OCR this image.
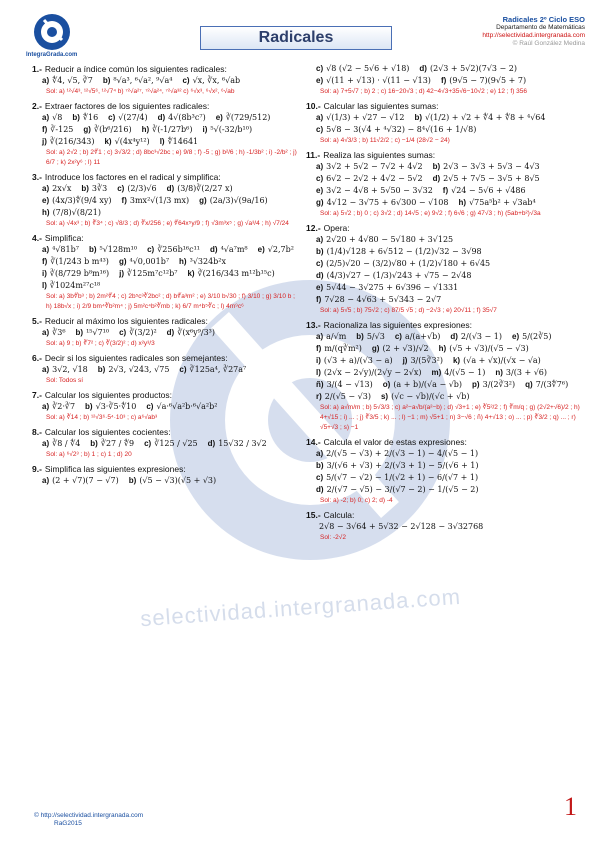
IntegraGrada.com
Radicales
Radicales 2º Ciclo ESO
Departamento de Matemáticas
http://selectividad.intergranada.com
© Raúl González Medina
selectividad.intergranada.com
1.- Reducir a índice común los siguientes radicales:
a) ∜4, √5, ∛7 b) ⁸√a³, ⁶√a², ⁹√a⁴ c) √x, ∛x, ⁶√ab
Sol: a) ¹²√4³, ¹²√5⁶, ¹²√7⁴ b) ⁷²√a²⁷, ⁷²√a²⁴, ⁷²√a³² c) ⁶√x³, ⁶√x², ⁶√ab
2.- Extraer factores de los siguientes radicales:
a) √8 b) ∜16 c) √(27/4) d) 4√(8b³c⁷) e) ∛(729/512)
f) ∛-125 g) ∛(b⁶/216) h) ∛(-1/27b⁶) i) ⁵√(-32/b¹⁰)
j) ∛(216/343) k) √(4x⁴y¹²) l) ∜14641
Sol: a) 2√2 ; b) 2∜1 ; c) 3√3/2 ; d) 8bc³√2bc ; e) 9/8 ; f) -5 ; g) b²/6 ; h) -1/3b² ; i) -2/b² ; j) 6/7 ; k) 2x²y⁶ ; l) 11
3.- Introduce los factores en el radical y simplifica:
a) 2x√x b) 3∛3 c) (2/3)√6 d) (3/8)∛(2/27 x)
e) (4x/3)∜(9/4 xy) f) 3mx²√(1/3 mx) g) (2a/3)√(9a/16)
h) (7/8)√(8/21)
Sol: a) √4x³ ; b) ∛3⁴ ; c) √8/3 ; d) ∛x/256 ; e) ∜64x⁵y/9 ; f) √3m³x⁵ ; g) √a³/4 ; h) √7/24
4.- Simplifica:
a) ⁴√81b⁷ b) ⁵√128m¹⁰ c) ∛256b¹⁶c¹¹ d) ⁴√a⁷m⁸ e) √2,7b²
f) ∛(1/243 b m⁴³) g) ⁴√0,001b⁷ h) ³√324b²x
i) ∛(8/729 b⁸m¹⁶) j) ∛125m⁷c¹²b⁷ k) ∛(216/343 m¹²b¹⁵c)
l) ∛1024m²⁷c¹⁸
Sol: a) 3b∜b³ ; b) 2m²∜4 ; c) 2b⁵c³∛2bc² ; d) b∜a³m² ; e) 3/10 b√30 ; f) 3/10 ; g) 3/10 b ; h) 18b√x ; i) 2/9 bm⁴∛b²m⁴ ; j) 5m²c⁴b²∛mb ; k) 6/7 m⁴b⁵∛c ; l) 4m⁹c⁶
5.- Reducir al máximo los siguientes radicales:
a) ∛3⁶ b) ¹⁵√7¹⁰ c) ∛(3/2)² d) ∛(x⁶y⁹/3³)
Sol: a) 9 ; b) ∛7² ; c) ∛(3/2)² ; d) x²y³/3
6.- Decir si los siguientes radicales son semejantes:
a) 3√2, √18 b) 2√3, √243, √75 c) ∛125a⁴, ∛27a⁷
Sol: Todos sí
7.- Calcular los siguientes productos:
a) ∛2·∛7 b) √3·∛5·∜10 c) √a·⁶√a²b·⁶√a²b²
Sol: a) ∛14 ; b) ¹²√3⁶·5⁴·10³ ; c) a⁶√ab³
8.- Calcular los siguientes cocientes:
a) ∛8 / ∜4 b) ∛27 / ∜9 c) ∛125 / √25 d) 15√32 / 3√2
Sol: a) ⁶√2³ ; b) 1 ; c) 1 ; d) 20
9.- Simplifica las siguientes expresiones:
a) (2 + √7)(7 − √7) b) (√5 − √3)(√5 + √3)
c) √8 (√2 − 5√6 + √18) d) (2√3 + 5√2)(7√3 − 2)
e) √(11 + √13) · √(11 − √13) f) (9√5 − 7)(9√5 + 7)
Sol: a) 7+5√7 ; b) 2 ; c) 16−20√3 ; d) 42−4√3+35√6−10√2 ; e) 12 ; f) 356
10.- Calcular las siguientes sumas:
a) √(1/3) + √27 − √12 b) √(1/2) + √2 + ∜4 + ∜8 + ⁴√64
c) 5√8 − 3(√4 + ⁴√32) − 8⁴√(16 + 1/√8)
Sol: a) 4√3/3 ; b) 11√2/2 ; c) −1/4 (28√2 − 24)
11.- Realiza las siguientes sumas:
a) 3√2 + 5√2 − 7√2 + 4√2 b) 2√3 − 3√3 + 5√3 − 4√3
c) 6√2 − 2√2 + 4√2 − 5√2 d) 2√5 + 7√5 − 3√5 + 8√5
e) 3√2 − 4√8 + 5√50 − 3√32 f) √24 − 5√6 + √486
g) 4√12 − 3√75 + 6√300 − √108 h) √75a⁵b² + √3ab⁴
Sol: a) 5√2 ; b) 0 ; c) 3√2 ; d) 14√5 ; e) 9√2 ; f) 6√6 ; g) 47√3 ; h) (5ab+b²)√3a
12.- Opera:
a) 2√20 + 4√80 − 5√180 + 3√125
b) (1/4)√128 + 6√512 − (1/2)√32 − 3√98
c) (2/5)√20 − (3/2)√80 + (1/2)√180 + 6√45
d) (4/3)√27 − (1/3)√243 + √75 − 2√48
e) 5√44 − 3√275 + 6√396 − √1331
f) 7√28 − 4√63 + 5√343 − 2√7
Sol: a) 5√5 ; b) 75√2 ; c) 87/5 √5 ; d) −2√3 ; e) 20√11 ; f) 35√7
13.- Racionaliza las siguientes expresiones:
a) a/√m b) 5/√3 c) a/(a+√b) d) 2/(√3 − 1) e) 5/(2∛5)
f) m/(q∛m²) g) (2 + √3)/√2 h) (√5 + √3)/(√5 − √3)
i) (√3 + a)/(√3 − a) j) 3/(5∛3²) k) (√a + √x)/(√x − √a)
l) (2√x − 2√y)/(2√y − 2√x) m) 4/(√5 − 1) n) 3/(3 + √6)
ñ) 3/(4 − √13) o) (a + b)/(√a − √b) p) 3/(2∛3²) q) 7/(3∜7⁶)
r) 2/(√5 − √3) s) (√c − √b)/(√c + √b)
Sol: a) a√m/m ; b) 5√3/3 ; c) a²−a√b/(a²−b) ; d) √3+1 ; e) ∛5²/2 ; f) ∛m/q ; g) (2√2+√6)/2 ; h) 4+√15 ; i) ... ; j) ∛3/5 ; k) ... ; l) −1 ; m) √5+1 ; n) 3−√6 ; ñ) 4+√13 ; o) ... ; p) ∛3/2 ; q) ... ; r) √5+√3 ; s) −1
14.- Calcula el valor de estas expresiones:
a) 2/(√5 − √3) + 2/(√3 − 1) − 4/(√5 − 1)
b) 3/(√6 + √3) + 2/(√3 + 1) − 5/(√6 + 1)
c) 5/(√7 − √2) − 1/(√2 + 1) − 6/(√7 + 1)
d) 2/(√7 − √5) − 3/(√7 − 2) − 1/(√5 − 2)
Sol: a) -2; b) 0; c) 2; d) -4
15.- Calcula:
2√8 − 3√64 + 5√32 − 2√128 − 3√32768
Sol: -2√2
© http://selectividad.intergranada.com
RaG2015
1
